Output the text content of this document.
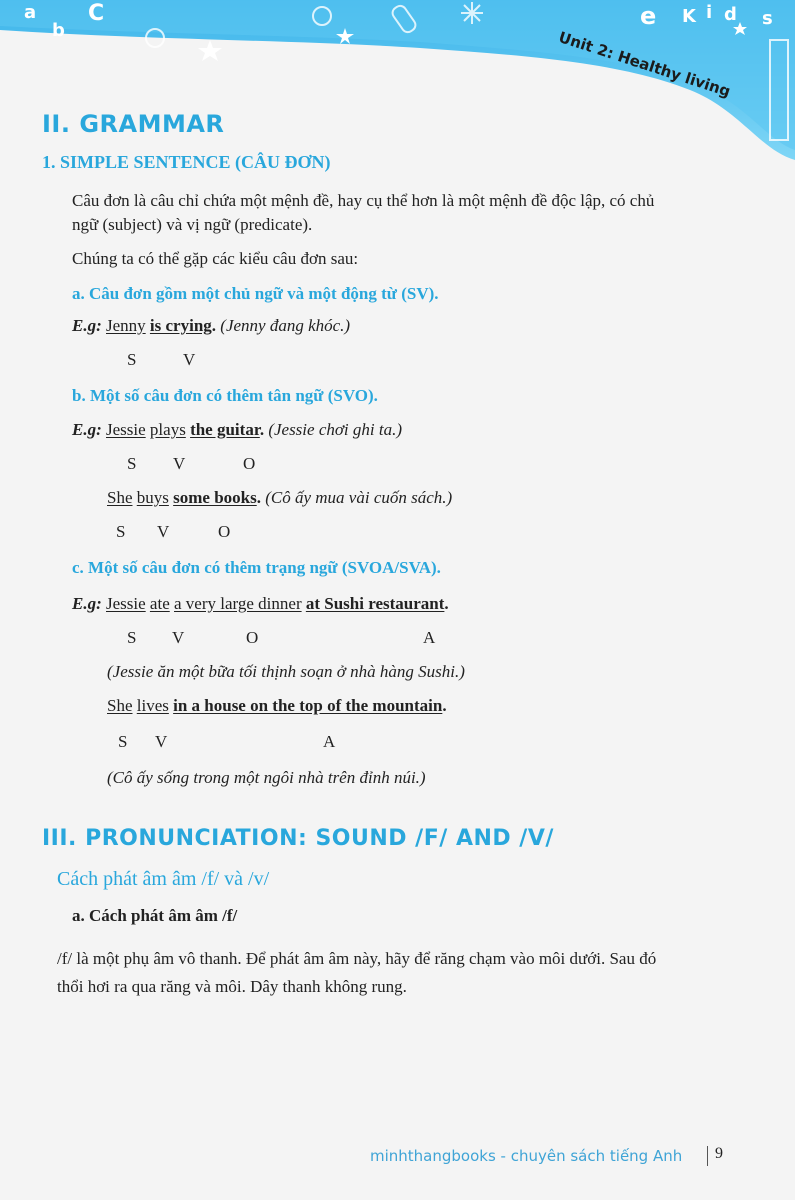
a
b
C	e K i d s
Unit 2: Healthy living
II. GRAMMAR
1. SIMPLE SENTENCE (CÂU ĐƠN)
Câu đơn là câu chỉ chứa một mệnh đề, hay cụ thể hơn là một mệnh đề độc lập, có chủ
ngữ (subject) và vị ngữ (predicate).
Chúng ta có thể gặp các kiểu câu đơn sau:
a. Câu đơn gồm một chủ ngữ và một động từ (SV).
E.g: Jenny is crying. (Jenny đang khóc.)
S	V
b. Một số câu đơn có thêm tân ngữ (SVO).
E.g: Jessie plays the guitar. (Jessie chơi ghi ta.)
S V	O
She buys some books. (Cô ấy mua vài cuốn sách.)
S V	O
c. Một số câu đơn có thêm trạng ngữ (SVOA/SVA).
E.g: Jessie ate a very large dinner at Sushi restaurant.
S V	O	A
(Jessie ăn một bữa tối thịnh soạn ở nhà hàng Sushi.)
She lives in a house on the top of the mountain.
S V	A
(Cô ấy sống trong một ngôi nhà trên đỉnh núi.)
III. PRONUNCIATION: SOUND /F/ AND /V/
Cách phát âm âm /f/ và /v/
a. Cách phát âm âm /f/
/f/ là một phụ âm vô thanh. Để phát âm âm này, hãy để răng chạm vào môi dưới. Sau đó
thổi hơi ra qua răng và môi. Dây thanh không rung.
minhthangbooks - chuyên sách tiếng Anh 9
